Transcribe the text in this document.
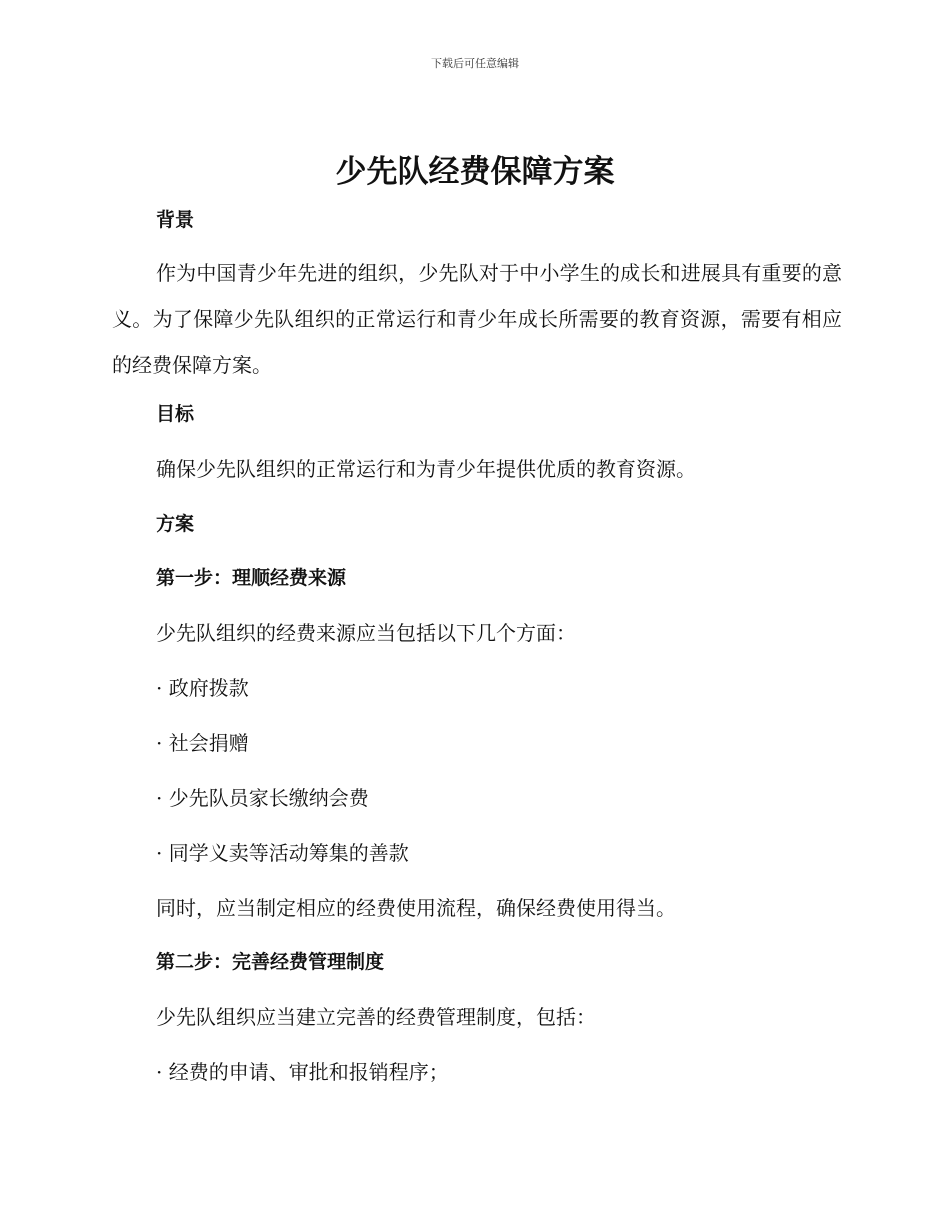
下载后可任意编辑
少先队经费保障方案
背景

作为中国青少年先进的组织，少先队对于中小学生的成长和进展具有重要的意义。为了保障少先队组织的正常运行和青少年成长所需要的教育资源，需要有相应的经费保障方案。

目标
确保少先队组织的正常运行和为青少年提供优质的教育资源。
方案
第一步：理顺经费来源
少先队组织的经费来源应当包括以下几个方面：
· 政府拨款
· 社会捐赠
· 少先队员家长缴纳会费
· 同学义卖等活动筹集的善款
同时，应当制定相应的经费使用流程，确保经费使用得当。
第二步：完善经费管理制度
少先队组织应当建立完善的经费管理制度，包括：
· 经费的申请、审批和报销程序；
